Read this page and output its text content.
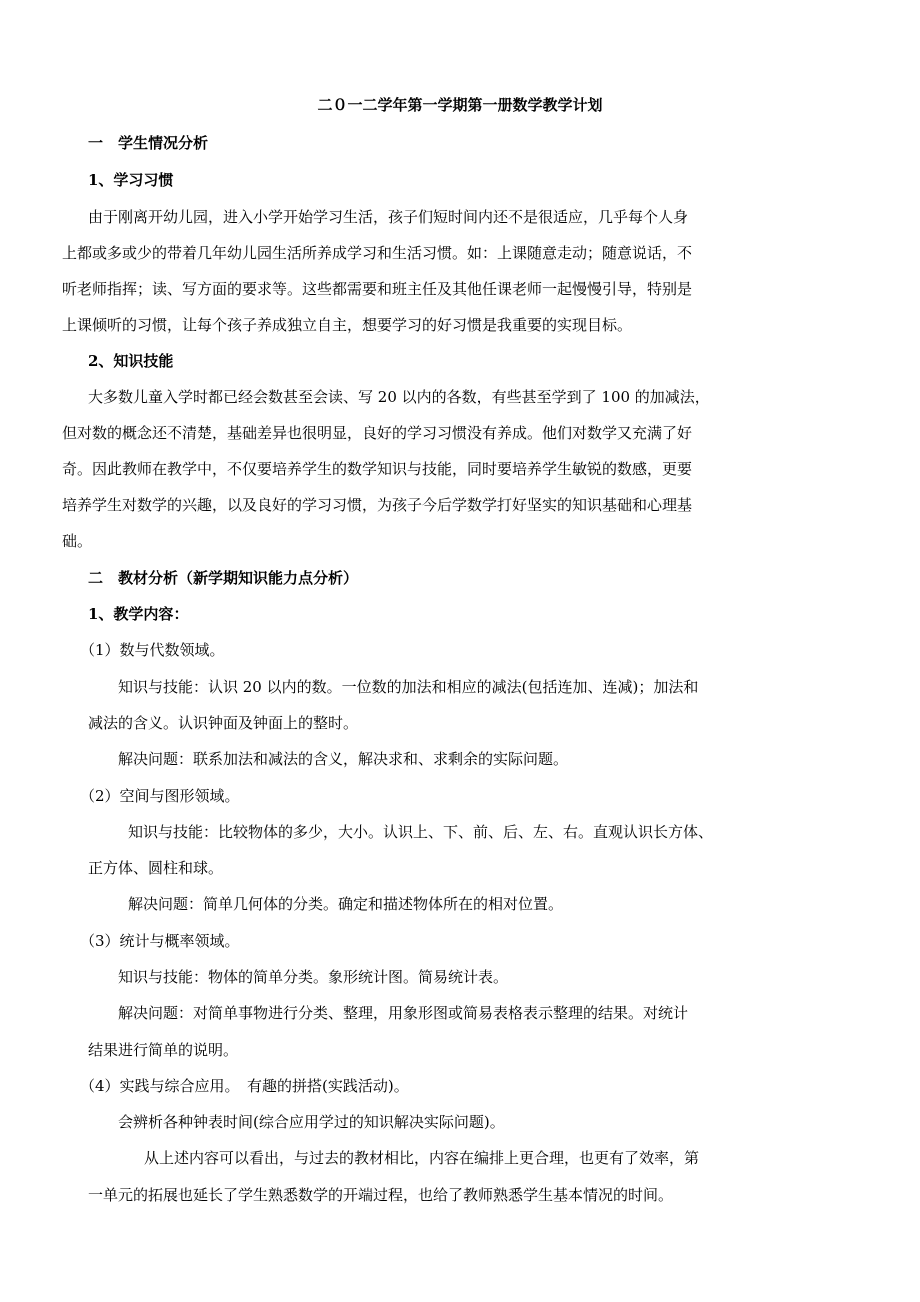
二０一二学年第一学期第一册数学教学计划
一　学生情况分析
1、学习习惯
由于刚离开幼儿园，进入小学开始学习生活，孩子们短时间内还不是很适应，几乎每个人身
上都或多或少的带着几年幼儿园生活所养成学习和生活习惯。如：上课随意走动；随意说话，不
听老师指挥；读、写方面的要求等。这些都需要和班主任及其他任课老师一起慢慢引导，特别是
上课倾听的习惯，让每个孩子养成独立自主，想要学习的好习惯是我重要的实现目标。
2、知识技能
大多数儿童入学时都已经会数甚至会读、写 20 以内的各数，有些甚至学到了 100 的加减法，
但对数的概念还不清楚，基础差异也很明显，良好的学习习惯没有养成。他们对数学又充满了好
奇。因此教师在教学中，不仅要培养学生的数学知识与技能，同时要培养学生敏锐的数感，更要
培养学生对数学的兴趣，以及良好的学习习惯，为孩子今后学数学打好坚实的知识基础和心理基
础。
二　教材分析（新学期知识能力点分析）
1、教学内容：
（1）数与代数领域。
知识与技能：认识 20 以内的数。一位数的加法和相应的减法(包括连加、连减)；加法和
减法的含义。认识钟面及钟面上的整时。
解决问题：联系加法和减法的含义，解决求和、求剩余的实际问题。
（2）空间与图形领域。
知识与技能：比较物体的多少，大小。认识上、下、前、后、左、右。直观认识长方体、
正方体、圆柱和球。
解决问题：简单几何体的分类。确定和描述物体所在的相对位置。
（3）统计与概率领域。
知识与技能：物体的简单分类。象形统计图。简易统计表。
解决问题：对简单事物进行分类、整理，用象形图或简易表格表示整理的结果。对统计
结果进行简单的说明。
（4）实践与综合应用。　有趣的拼搭(实践活动)。
会辨析各种钟表时间(综合应用学过的知识解决实际问题)。
从上述内容可以看出，与过去的教材相比，内容在编排上更合理，也更有了效率，第
一单元的拓展也延长了学生熟悉数学的开端过程，也给了教师熟悉学生基本情况的时间。
